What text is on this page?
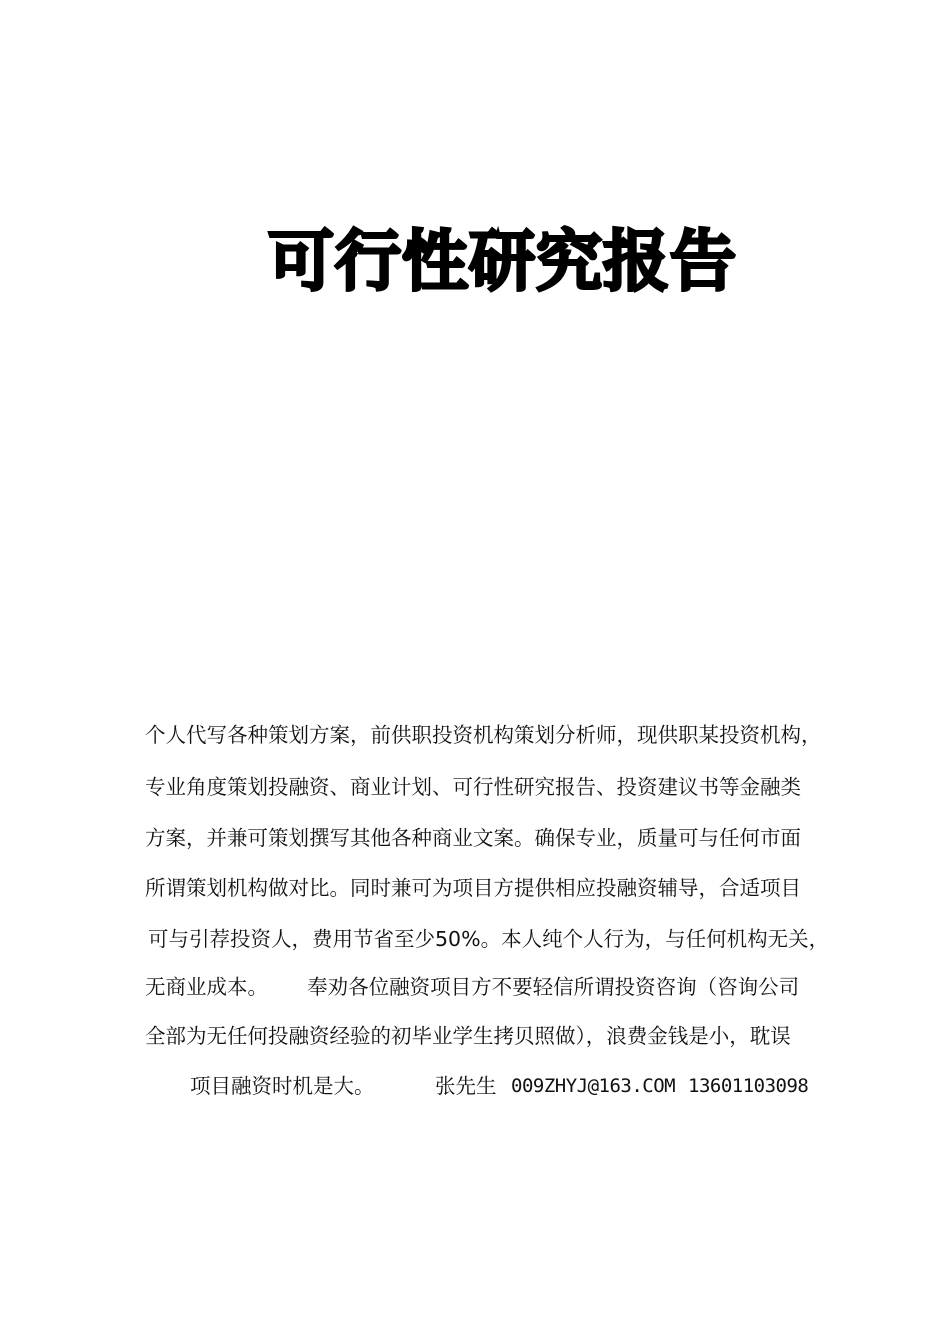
可行性研究报告
个人代写各种策划方案，前供职投资机构策划分析师，现供职某投资机构，
专业角度策划投融资、商业计划、可行性研究报告、投资建议书等金融类
方案，并兼可策划撰写其他各种商业文案。确保专业，质量可与任何市面
所谓策划机构做对比。同时兼可为项目方提供相应投融资辅导，合适项目
可与引荐投资人，费用节省至少50%。本人纯个人行为，与任何机构无关，
无商业成本。      奉劝各位融资项目方不要轻信所谓投资咨询（咨询公司
全部为无任何投融资经验的初毕业学生拷贝照做），浪费金钱是小，耽误
项目融资时机是大。	张先生 009ZHYJ@163.COM 13601103098
